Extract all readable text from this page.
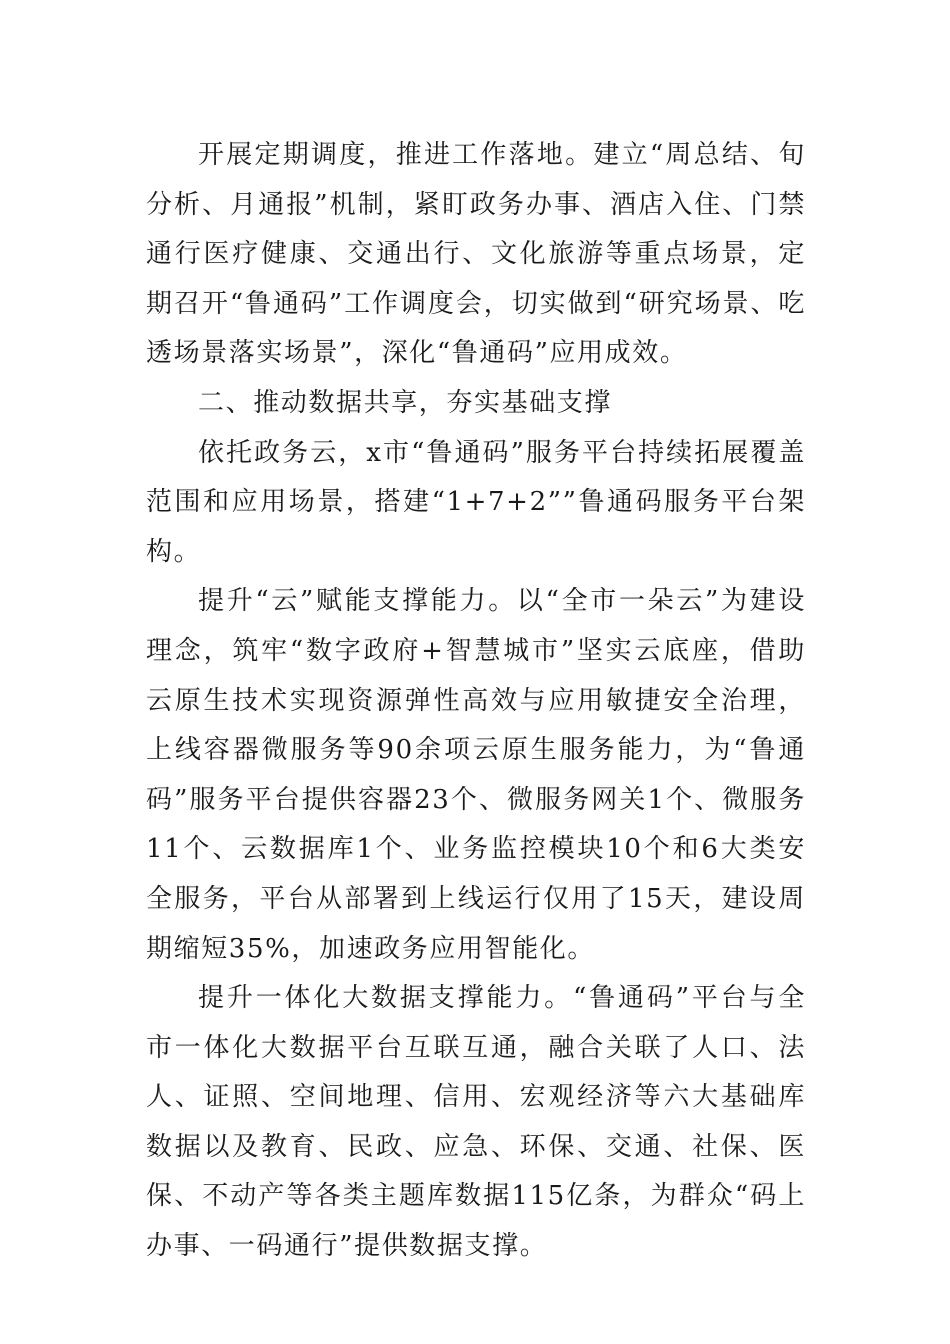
开展定期调度，推进工作落地。建立“周总结、旬分析、月通报”机制，紧盯政务办事、酒店入住、门禁通行医疗健康、交通出行、文化旅游等重点场景，定期召开“鲁通码”工作调度会，切实做到“研究场景、吃透场景落实场景”，深化“鲁通码”应用成效。

二、推动数据共享，夯实基础支撑

依托政务云，x市“鲁通码”服务平台持续拓展覆盖范围和应用场景，搭建“1+7+2””鲁通码服务平台架构。

提升“云”赋能支撑能力。以“全市一朵云”为建设理念，筑牢“数字政府+智慧城市”坚实云底座，借助云原生技术实现资源弹性高效与应用敏捷安全治理，上线容器微服务等90余项云原生服务能力，为“鲁通码”服务平台提供容器23个、微服务网关1个、微服务11个、云数据库1个、业务监控模块10个和6大类安全服务，平台从部署到上线运行仅用了15天，建设周期缩短35%，加速政务应用智能化。

提升一体化大数据支撑能力。“鲁通码”平台与全市一体化大数据平台互联互通，融合关联了人口、法人、证照、空间地理、信用、宏观经济等六大基础库数据以及教育、民政、应急、环保、交通、社保、医保、不动产等各类主题库数据115亿条，为群众“码上办事、一码通行”提供数据支撑。
